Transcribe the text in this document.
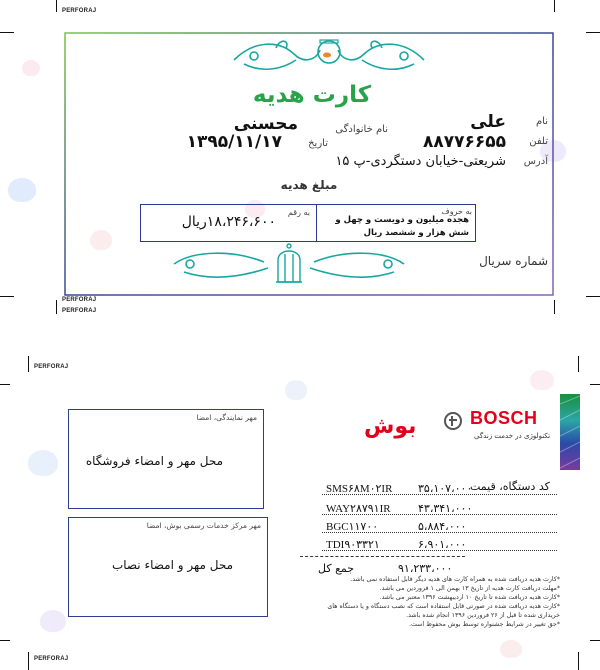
PERFORAJ
PERFORAJ
PERFORAJ
PERFORAJ
PERFORAJ
کارت هدیه
نام
علی
نام خانوادگی
محسنی
تلفن
۸۸۷۷۶۶۵۵
تاریخ
۱۳۹۵/۱۱/۱۷
آدرس
شریعتی-خیابان دستگردی-پ ۱۵
مبلغ هدیه
به حروف
هجده میلیون و دویست و چهل و
شش هزار و ششصد ریال
به رقم
۱۸،۲۴۶،۶۰۰ریال
شماره سریال
مهر نمایندگی، امضا
محل مهر و امضاء فروشگاه
مهر مرکز خدمات رسمی بوش، امضا
محل مهر و امضاء نصاب
بوش	BOSCH
تکنولوژی در خدمت زندگی
کد دستگاه، قیمت
SMS۶۸M۰۲IR ۳۵،۱۰۷،۰۰۰
WAY۲۸۷۹۱IR ۴۳،۳۴۱،۰۰۰
BGC۱۱۷۰۰	۵،۸۸۴،۰۰۰
TDI۹۰۳۳۲۱	۶،۹۰۱،۰۰۰
جمع کل	۹۱،۲۳۳،۰۰۰
*کارت هدیه دریافت شده به همراه کارت های هدیه دیگر قابل استفاده نمی باشد.
*مهلت دریافت کارت هدیه از تاریخ ۱۳ بهمن الی ۱ فروردین می باشد.
*کارت هدیه دریافت شده تا تاریخ ۱۰ اردیبهشت ۱۳۹۶ معتبر می باشد.
*کارت هدیه دریافت شده در صورتی قابل استفاده است که نصب دستگاه و یا دستگاه های
خریداری شده تا قبل از ۲۶ فروردین ۱۳۹۶ انجام شده باشد.
*حق تغییر در شرایط جشنواره توسط بوش محفوظ است.
